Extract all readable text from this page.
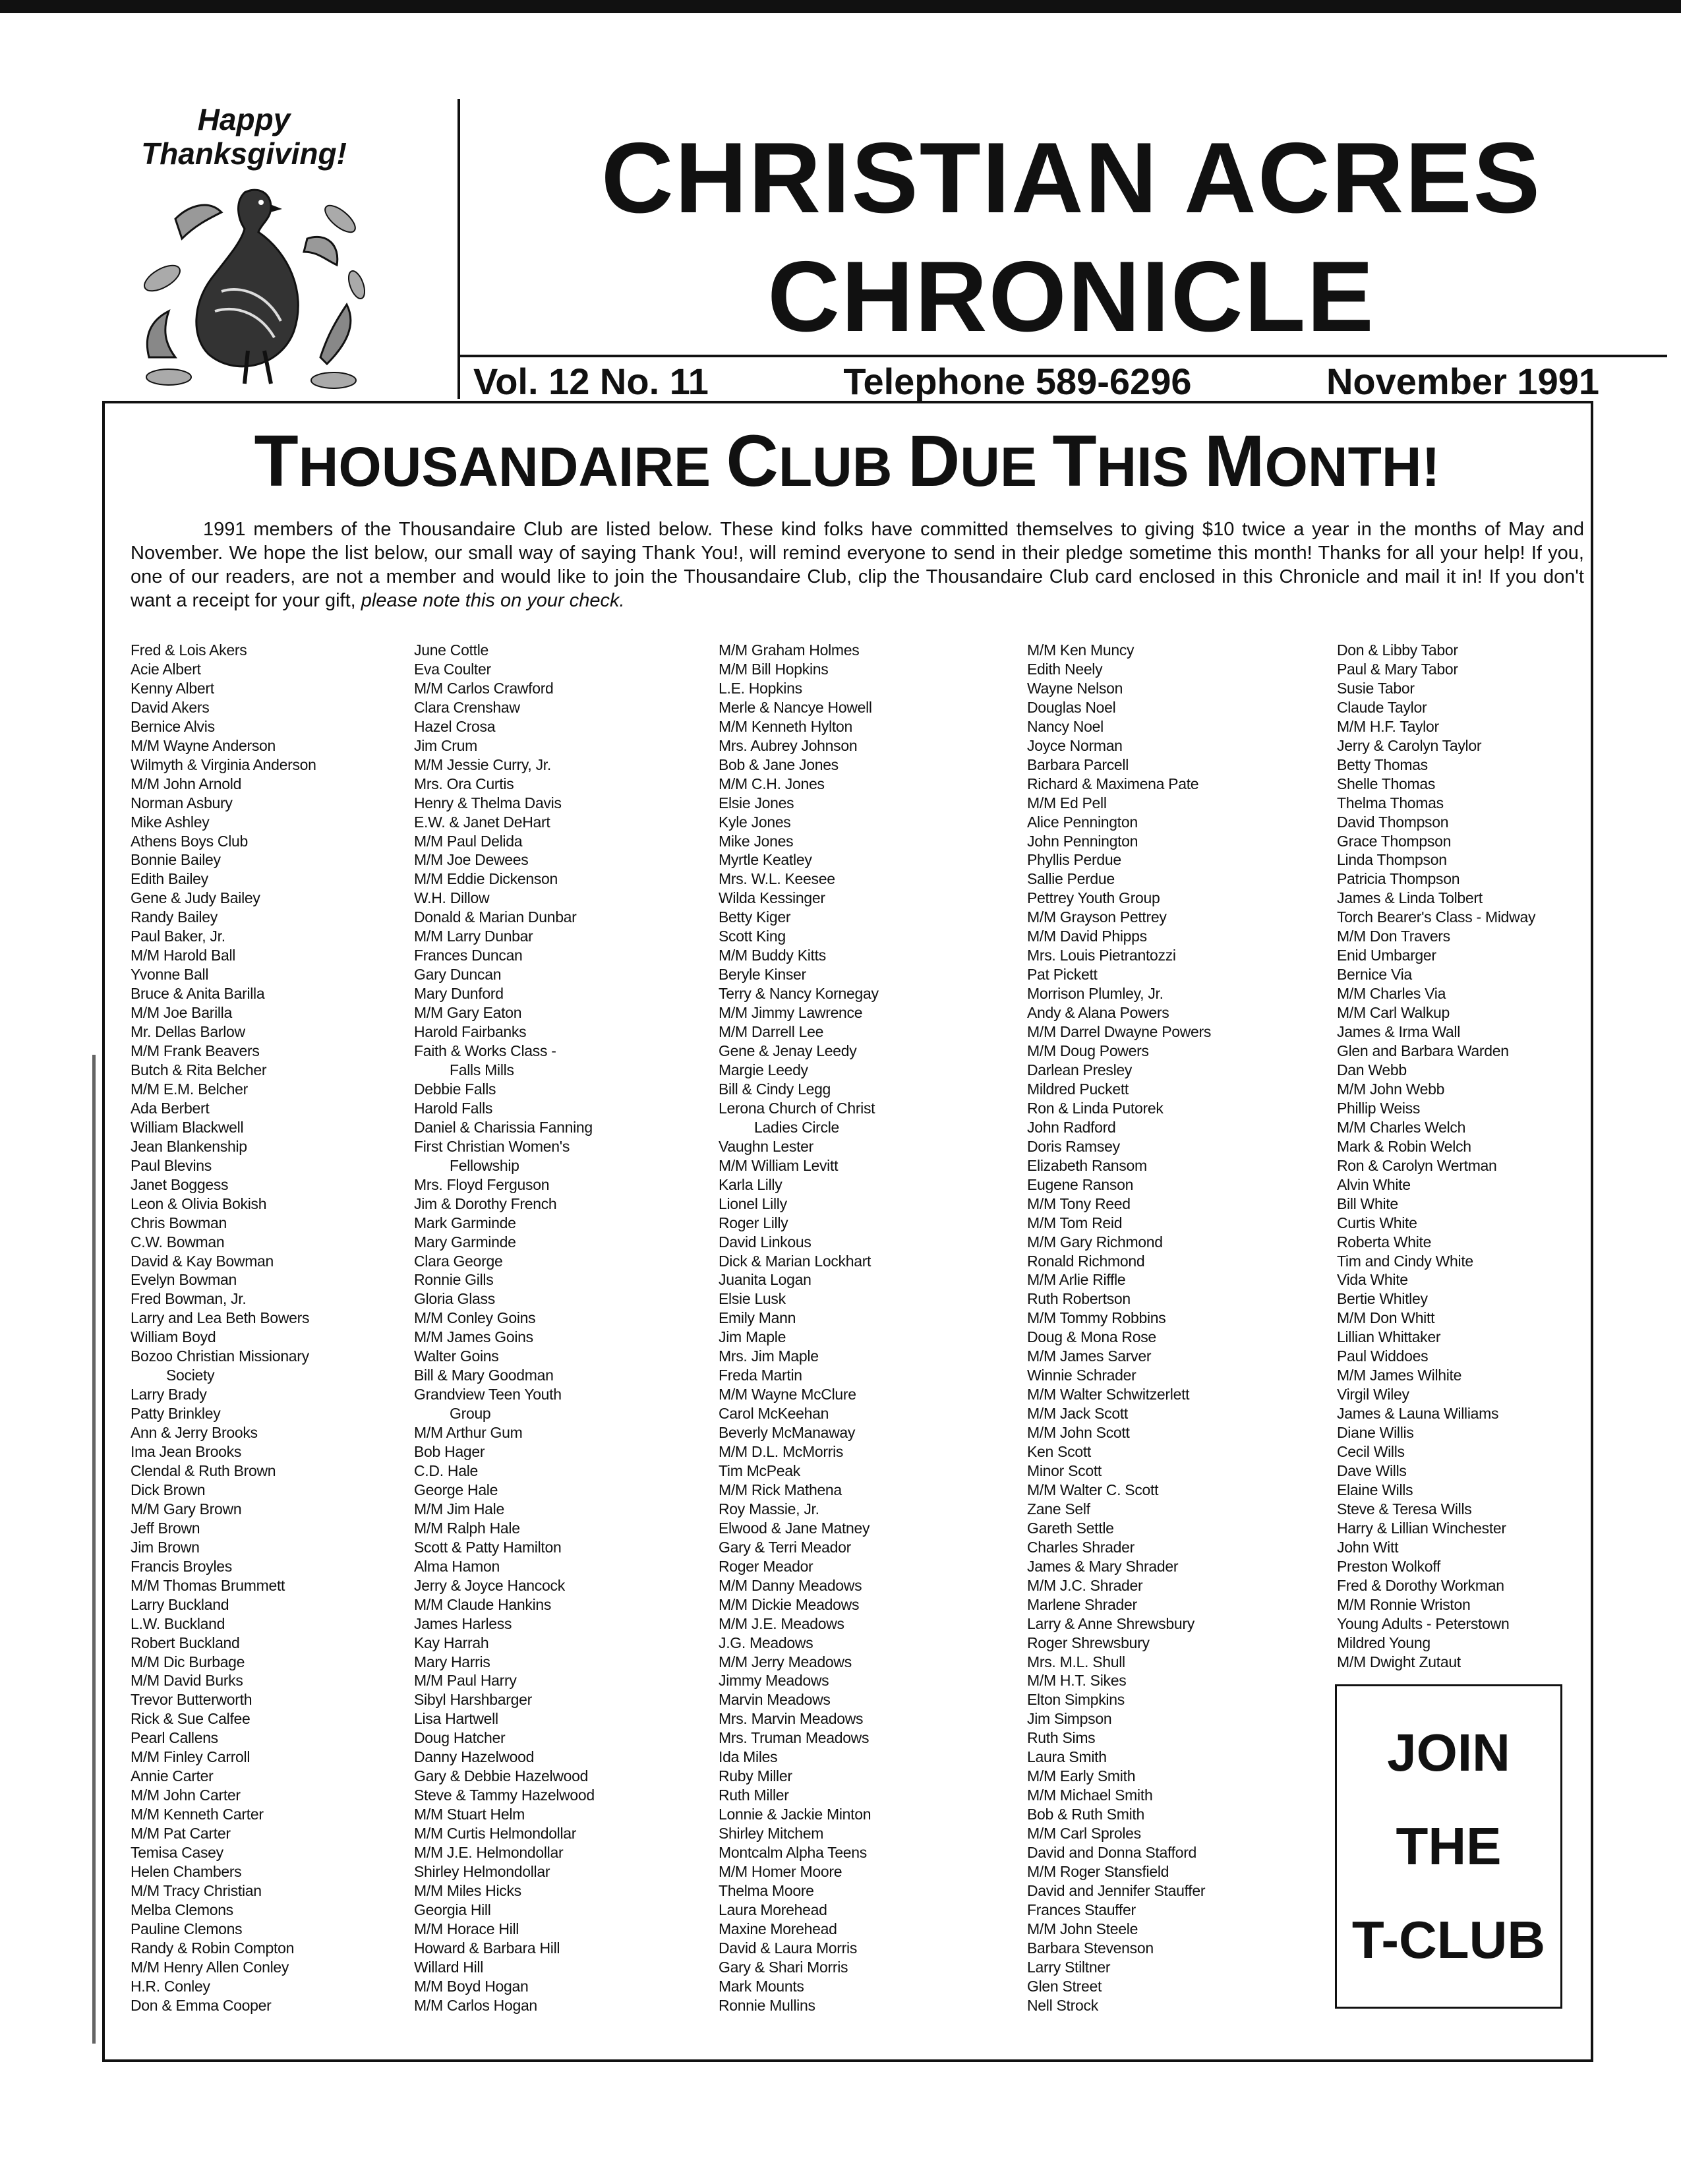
Happy Thanksgiving!	CHRISTIAN ACRES
CHRONICLE
Vol. 12 No. 11	Telephone 589-6296	November 1991
THOUSANDAIRE CLUB DUE THIS MONTH!
1991 members of the Thousandaire Club are listed below. These kind folks have committed themselves to giving $10 twice a year in the months of May and November. We hope the list below, our small way of saying Thank You!, will remind everyone to send in their pledge sometime this month! Thanks for all your help! If you, one of our readers, are not a member and would like to join the Thousandaire Club, clip the Thousandaire Club card enclosed in this Chronicle and mail it in! If you don't want a receipt for your gift, please note this on your check.
Fred & Lois Akers
Acie Albert
Kenny Albert
David Akers
Bernice Alvis
M/M Wayne Anderson
Wilmyth & Virginia Anderson
M/M John Arnold
Norman Asbury
Mike Ashley
Athens Boys Club
Bonnie Bailey
Edith Bailey
Gene & Judy Bailey
Randy Bailey
Paul Baker, Jr.
M/M Harold Ball
Yvonne Ball
Bruce & Anita Barilla
M/M Joe Barilla
Mr. Dellas Barlow
M/M Frank Beavers
Butch & Rita Belcher
M/M E.M. Belcher
Ada Berbert
William Blackwell
Jean Blankenship
Paul Blevins
Janet Boggess
Leon & Olivia Bokish
Chris Bowman
C.W. Bowman
David & Kay Bowman
Evelyn Bowman
Fred Bowman, Jr.
Larry and Lea Beth Bowers
William Boyd
Bozoo Christian Missionary
Society
Larry Brady
Patty Brinkley
Ann & Jerry Brooks
Ima Jean Brooks
Clendal & Ruth Brown
Dick Brown
M/M Gary Brown
Jeff Brown
Jim Brown
Francis Broyles
M/M Thomas Brummett
Larry Buckland
L.W. Buckland
Robert Buckland
M/M Dic Burbage
M/M David Burks
Trevor Butterworth
Rick & Sue Calfee
Pearl Callens
M/M Finley Carroll
Annie Carter
M/M John Carter
M/M Kenneth Carter
M/M Pat Carter
Temisa Casey
Helen Chambers
M/M Tracy Christian
Melba Clemons
Pauline Clemons
Randy & Robin Compton
M/M Henry Allen Conley
H.R. Conley
Don & Emma Cooper
June Cottle
Eva Coulter
M/M Carlos Crawford
Clara Crenshaw
Hazel Crosa
Jim Crum
M/M Jessie Curry, Jr.
Mrs. Ora Curtis
Henry & Thelma Davis
E.W. & Janet DeHart
M/M Paul Delida
M/M Joe Dewees
M/M Eddie Dickenson
W.H. Dillow
Donald & Marian Dunbar
M/M Larry Dunbar
Frances Duncan
Gary Duncan
Mary Dunford
M/M Gary Eaton
Harold Fairbanks
Faith & Works Class -
Falls Mills
Debbie Falls
Harold Falls
Daniel & Charissia Fanning
First Christian Women's
Fellowship
Mrs. Floyd Ferguson
Jim & Dorothy French
Mark Garminde
Mary Garminde
Clara George
Ronnie Gills
Gloria Glass
M/M Conley Goins
M/M James Goins
Walter Goins
Bill & Mary Goodman
Grandview Teen Youth
Group
M/M Arthur Gum
Bob Hager
C.D. Hale
George Hale
M/M Jim Hale
M/M Ralph Hale
Scott & Patty Hamilton
Alma Hamon
Jerry & Joyce Hancock
M/M Claude Hankins
James Harless
Kay Harrah
Mary Harris
M/M Paul Harry
Sibyl Harshbarger
Lisa Hartwell
Doug Hatcher
Danny Hazelwood
Gary & Debbie Hazelwood
Steve & Tammy Hazelwood
M/M Stuart Helm
M/M Curtis Helmondollar
M/M J.E. Helmondollar
Shirley Helmondollar
M/M Miles Hicks
Georgia Hill
M/M Horace Hill
Howard & Barbara Hill
Willard Hill
M/M Boyd Hogan
M/M Carlos Hogan
M/M Graham Holmes
M/M Bill Hopkins
L.E. Hopkins
Merle & Nancye Howell
M/M Kenneth Hylton
Mrs. Aubrey Johnson
Bob & Jane Jones
M/M C.H. Jones
Elsie Jones
Kyle Jones
Mike Jones
Myrtle Keatley
Mrs. W.L. Keesee
Wilda Kessinger
Betty Kiger
Scott King
M/M Buddy Kitts
Beryle Kinser
Terry & Nancy Kornegay
M/M Jimmy Lawrence
M/M Darrell Lee
Gene & Jenay Leedy
Margie Leedy
Bill & Cindy Legg
Lerona Church of Christ
Ladies Circle
Vaughn Lester
M/M William Levitt
Karla Lilly
Lionel Lilly
Roger Lilly
David Linkous
Dick & Marian Lockhart
Juanita Logan
Elsie Lusk
Emily Mann
Jim Maple
Mrs. Jim Maple
Freda Martin
M/M Wayne McClure
Carol McKeehan
Beverly McManaway
M/M D.L. McMorris
Tim McPeak
M/M Rick Mathena
Roy Massie, Jr.
Elwood & Jane Matney
Gary & Terri Meador
Roger Meador
M/M Danny Meadows
M/M Dickie Meadows
M/M J.E. Meadows
J.G. Meadows
M/M Jerry Meadows
Jimmy Meadows
Marvin Meadows
Mrs. Marvin Meadows
Mrs. Truman Meadows
Ida Miles
Ruby Miller
Ruth Miller
Lonnie & Jackie Minton
Shirley Mitchem
Montcalm Alpha Teens
M/M Homer Moore
Thelma Moore
Laura Morehead
Maxine Morehead
David & Laura Morris
Gary & Shari Morris
Mark Mounts
Ronnie Mullins
M/M Ken Muncy
Edith Neely
Wayne Nelson
Douglas Noel
Nancy Noel
Joyce Norman
Barbara Parcell
Richard & Maximena Pate
M/M Ed Pell
Alice Pennington
John Pennington
Phyllis Perdue
Sallie Perdue
Pettrey Youth Group
M/M Grayson Pettrey
M/M David Phipps
Mrs. Louis Pietrantozzi
Pat Pickett
Morrison Plumley, Jr.
Andy & Alana Powers
M/M Darrel Dwayne Powers
M/M Doug Powers
Darlean Presley
Mildred Puckett
Ron & Linda Putorek
John Radford
Doris Ramsey
Elizabeth Ransom
Eugene Ranson
M/M Tony Reed
M/M Tom Reid
M/M Gary Richmond
Ronald Richmond
M/M Arlie Riffle
Ruth Robertson
M/M Tommy Robbins
Doug & Mona Rose
M/M James Sarver
Winnie Schrader
M/M Walter Schwitzerlett
M/M Jack Scott
M/M John Scott
Ken Scott
Minor Scott
M/M Walter C. Scott
Zane Self
Gareth Settle
Charles Shrader
James & Mary Shrader
M/M J.C. Shrader
Marlene Shrader
Larry & Anne Shrewsbury
Roger Shrewsbury
Mrs. M.L. Shull
M/M H.T. Sikes
Elton Simpkins
Jim Simpson
Ruth Sims
Laura Smith
M/M Early Smith
M/M Michael Smith
Bob & Ruth Smith
M/M Carl Sproles
David and Donna Stafford
M/M Roger Stansfield
David and Jennifer Stauffer
Frances Stauffer
M/M John Steele
Barbara Stevenson
Larry Stiltner
Glen Street
Nell Strock
Don & Libby Tabor
Paul & Mary Tabor
Susie Tabor
Claude Taylor
M/M H.F. Taylor
Jerry & Carolyn Taylor
Betty Thomas
Shelle Thomas
Thelma Thomas
David Thompson
Grace Thompson
Linda Thompson
Patricia Thompson
James & Linda Tolbert
Torch Bearer's Class - Midway
M/M Don Travers
Enid Umbarger
Bernice Via
M/M Charles Via
M/M Carl Walkup
James & Irma Wall
Glen and Barbara Warden
Dan Webb
M/M John Webb
Phillip Weiss
M/M Charles Welch
Mark & Robin Welch
Ron & Carolyn Wertman
Alvin White
Bill White
Curtis White
Roberta White
Tim and Cindy White
Vida White
Bertie Whitley
M/M Don Whitt
Lillian Whittaker
Paul Widdoes
M/M James Wilhite
Virgil Wiley
James & Launa Williams
Diane Willis
Cecil Wills
Dave Wills
Elaine Wills
Steve & Teresa Wills
Harry & Lillian Winchester
John Witt
Preston Wolkoff
Fred & Dorothy Workman
M/M Ronnie Wriston
Young Adults - Peterstown
Mildred Young
M/M Dwight Zutaut
JOIN
THE
T-CLUB
